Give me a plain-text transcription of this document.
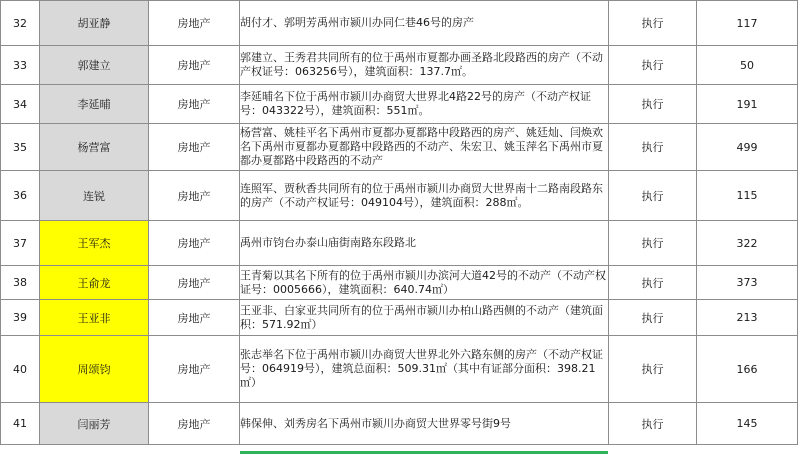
32	胡亚静	房地产	胡付才、郭明芳禹州市颍川办同仁巷46号的房产	执行	117
33	郭建立	房地产	郭建立、王秀君共同所有的位于禹州市夏都办画圣路北段路西的房产（不动产权证号：063256号），建筑面积：137.7㎡。	执行	50
34	李延晡	房地产	李延晡名下位于禹州市颍川办商贸大世界北4路22号的房产（不动产权证号：043322号），建筑面积：551㎡。	执行	191
35	杨营富	房地产	杨营富、姚桂平名下禹州市夏都办夏都路中段路西的房产、姚廷灿、闫焕欢名下禹州市夏都办夏都路中段路西的不动产、朱宏卫、姚玉萍名下禹州市夏都办夏都路中段路西的不动产	执行	499
36	连锐	房地产	连照军、贾秋香共同所有的位于禹州市颍川办商贸大世界南十二路南段路东的房产（不动产权证号：049104号），建筑面积：288㎡。	执行	115
37	王军杰	房地产	禹州市钧台办泰山庙街南路东段路北	执行	322
38	王俞龙	房地产	王青菊以其名下所有的位于禹州市颍川办滨河大道42号的不动产（不动产权证号：0005666），建筑面积：640.74㎡）	执行	373
39	王亚非	房地产	王亚非、白家亚共同所有的位于禹州市颍川办柏山路西侧的不动产（建筑面积：571.92㎡）	执行	213
40	周颂钧	房地产	张志举名下位于禹州市颍川办商贸大世界北外六路东侧的房产（不动产权证号：064919号），建筑总面积：509.31㎡（其中有证部分面积：398.21㎡）	执行	166
41	闫丽芳	房地产	韩保伸、刘秀房名下禹州市颍川办商贸大世界零号街9号	执行	145
